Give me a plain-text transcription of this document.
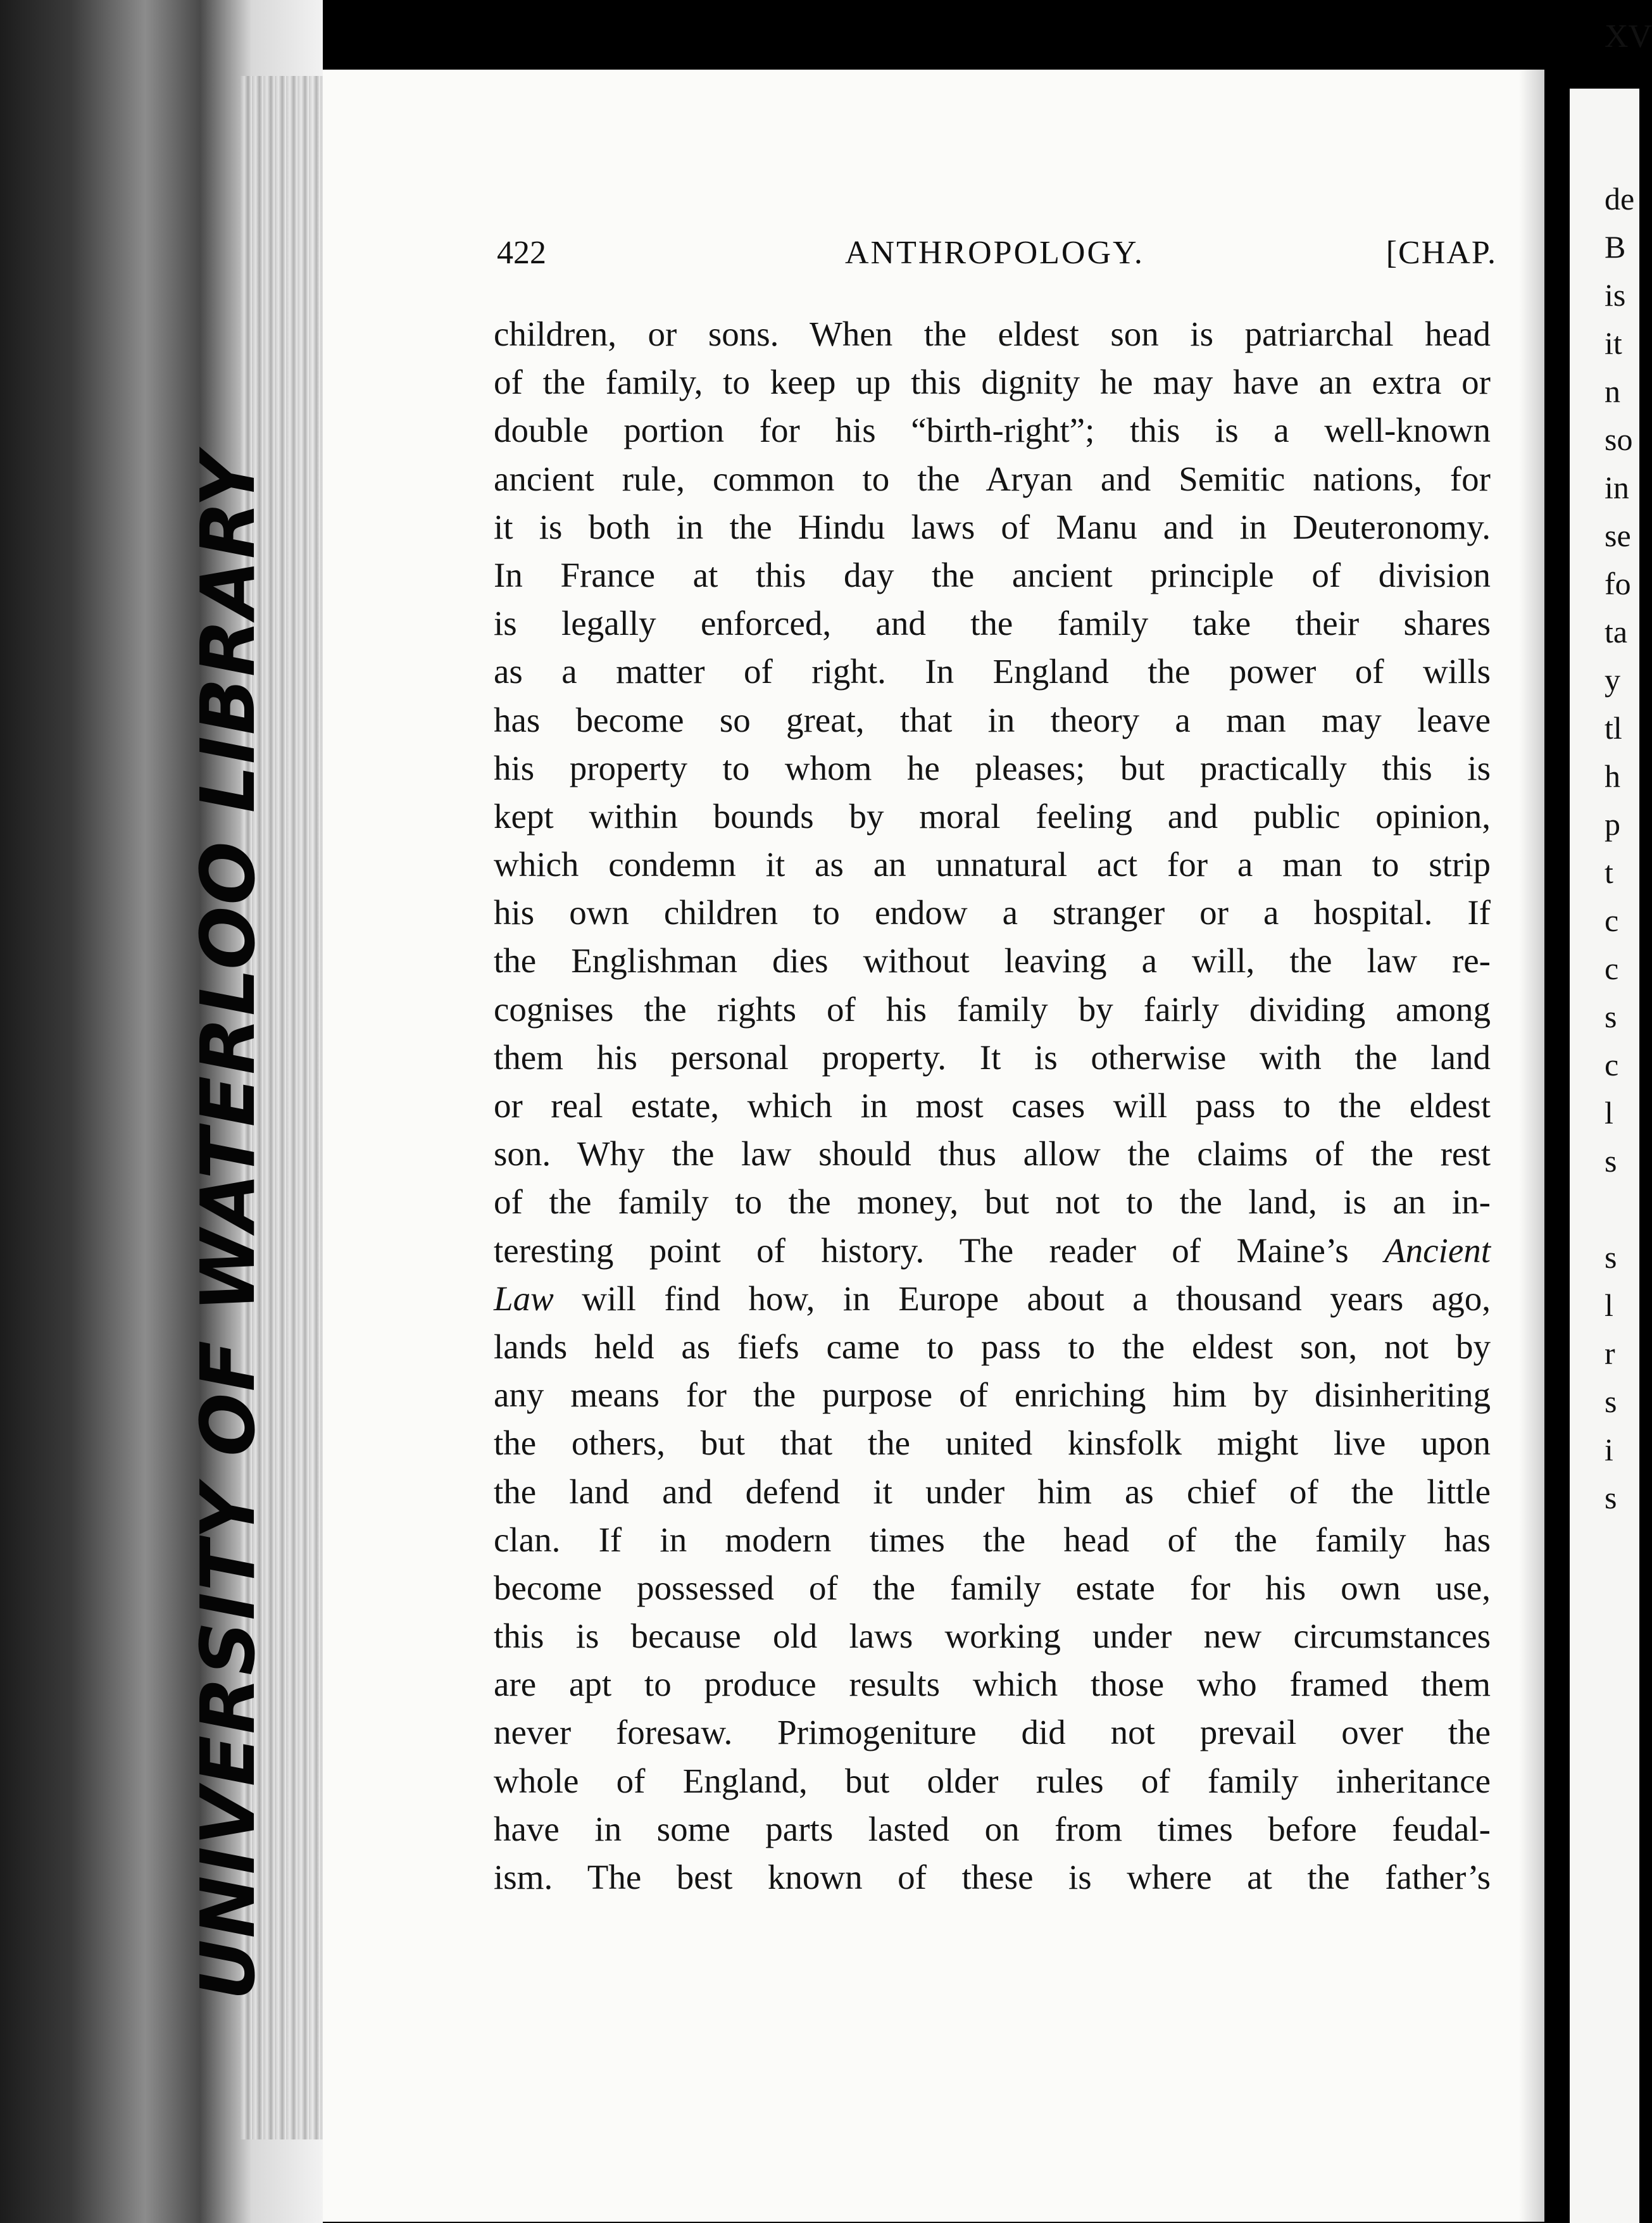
UNIVERSITY OF WATERLOO LIBRARY
XV
de
B
is
it
n
so
in
se
fo
ta
y
tl
h
p
t
c
c
s
c
l
s
s
l
r
s
i
s
422	ANTHROPOLOGY.	[CHAP.
children, or sons. When the eldest son is patriarchal head
of the family, to keep up this dignity he may have an extra or
double portion for his “birth-right”; this is a well-known
ancient rule, common to the Aryan and Semitic nations, for
it is both in the Hindu laws of Manu and in Deuteronomy.
In France at this day the ancient principle of division
is legally enforced, and the family take their shares
as a matter of right. In England the power of wills
has become so great, that in theory a man may leave
his property to whom he pleases; but practically this is
kept within bounds by moral feeling and public opinion,
which condemn it as an unnatural act for a man to strip
his own children to endow a stranger or a hospital. If
the Englishman dies without leaving a will, the law re-
cognises the rights of his family by fairly dividing among
them his personal property. It is otherwise with the land
or real estate, which in most cases will pass to the eldest
son. Why the law should thus allow the claims of the rest
of the family to the money, but not to the land, is an in-
teresting point of history. The reader of Maine’s Ancient
Law will find how, in Europe about a thousand years ago,
lands held as fiefs came to pass to the eldest son, not by
any means for the purpose of enriching him by disinheriting
the others, but that the united kinsfolk might live upon
the land and defend it under him as chief of the little
clan. If in modern times the head of the family has
become possessed of the family estate for his own use,
this is because old laws working under new circumstances
are apt to produce results which those who framed them
never foresaw. Primogeniture did not prevail over the
whole of England, but older rules of family inheritance
have in some parts lasted on from times before feudal-
ism. The best known of these is where at the father’s
